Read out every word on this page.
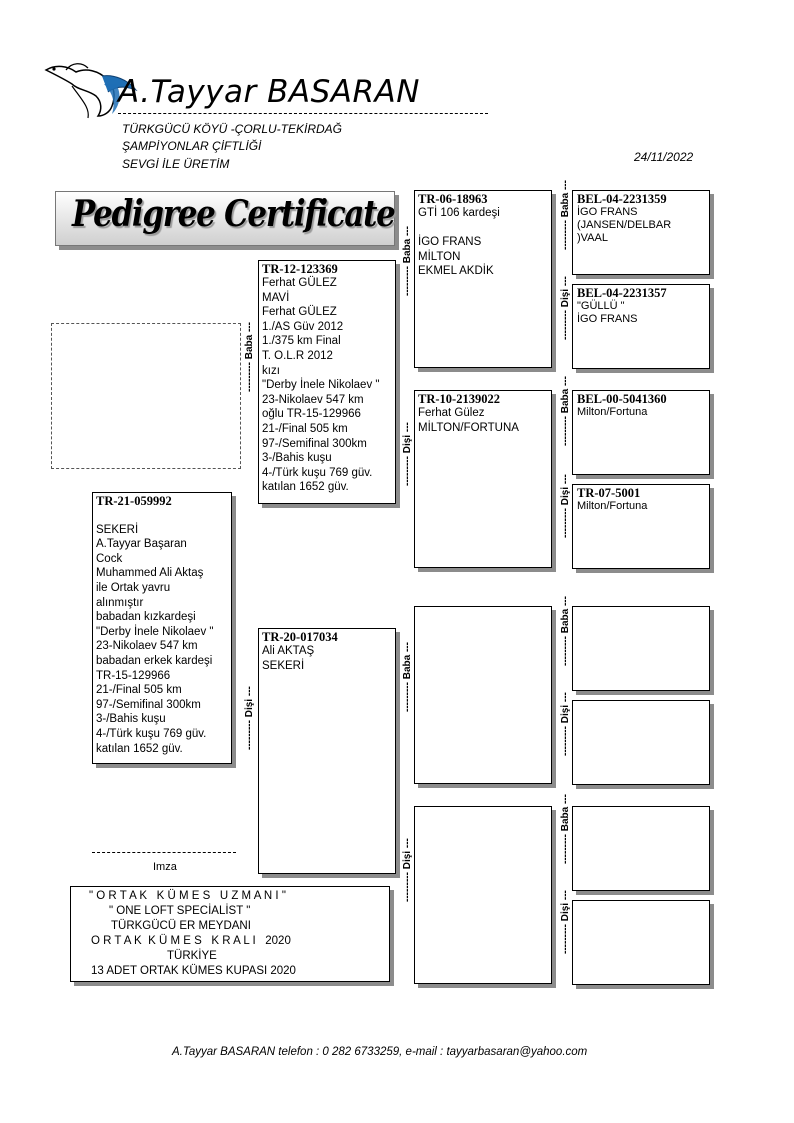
A.Tayyar BASARAN
TÜRKGÜCÜ KÖYÜ -ÇORLU-TEKİRDAĞ
ŞAMPİYONLAR ÇİFTLİĞİ
SEVGİ İLE ÜRETİM	24/11/2022
Pedigree Certificate
TR-21-059992

SEKERİ
A.Tayyar Başaran
Cock
Muhammed Ali Aktaş
ile Ortak yavru
alınmıştır
babadan kızkardeşi
"Derby İnele Nikolaev "
23-Nikolaev 547 km
babadan erkek kardeşi
TR-15-129966
21-/Final 505 km
97-/Semifinal 300km
3-/Bahis kuşu
4-/Türk kuşu 769 güv.
katılan 1652 güv.
Imza
TR-12-123369
Ferhat GÜLEZ
MAVİ
Ferhat GÜLEZ
1./AS Güv 2012
1./375 km Final
T. O.L.R 2012
kızı
"Derby İnele Nikolaev "
23-Nikolaev 547 km
oğlu TR-15-129966
21-/Final 505 km
97-/Semifinal 300km
3-/Bahis kuşu
4-/Türk kuşu 769 güv.
katılan 1652 güv.
TR-20-017034
Ali AKTAŞ
SEKERİ
TR-06-18963
GTİ 106 kardeşi

İGO FRANS
MİLTON
EKMEL AKDİK
TR-10-2139022
Ferhat Gülez
MİLTON/FORTUNA
BEL-04-2231359
İGO FRANS
(JANSEN/DELBAR
)VAAL
BEL-04-2231357
"GÜLLÜ "
İGO FRANS
BEL-00-5041360
Milton/Fortuna
TR-07-5001
Milton/Fortuna
--------- Baba ---
--------- Dişi ---
--------- Baba ---
--------- Dişi ---
--------- Baba ---
--------- Dişi ---
--------- Baba ---
--------- Dişi ---
--------- Baba ---
--------- Dişi ---
--------- Baba ---
--------- Dişi ---
--------- Baba ---
--------- Dişi ---
" O R T A K   K Ü M E S   U Z M A N I "
" ONE LOFT SPECİALİST "
TÜRKGÜCÜ ER MEYDANI
O R T A K  K Ü M E S   K R A L I   2020
TÜRKİYE
13 ADET ORTAK KÜMES KUPASI 2020
A.Tayyar BASARAN telefon : 0 282 6733259, e-mail : tayyarbasaran@yahoo.com
